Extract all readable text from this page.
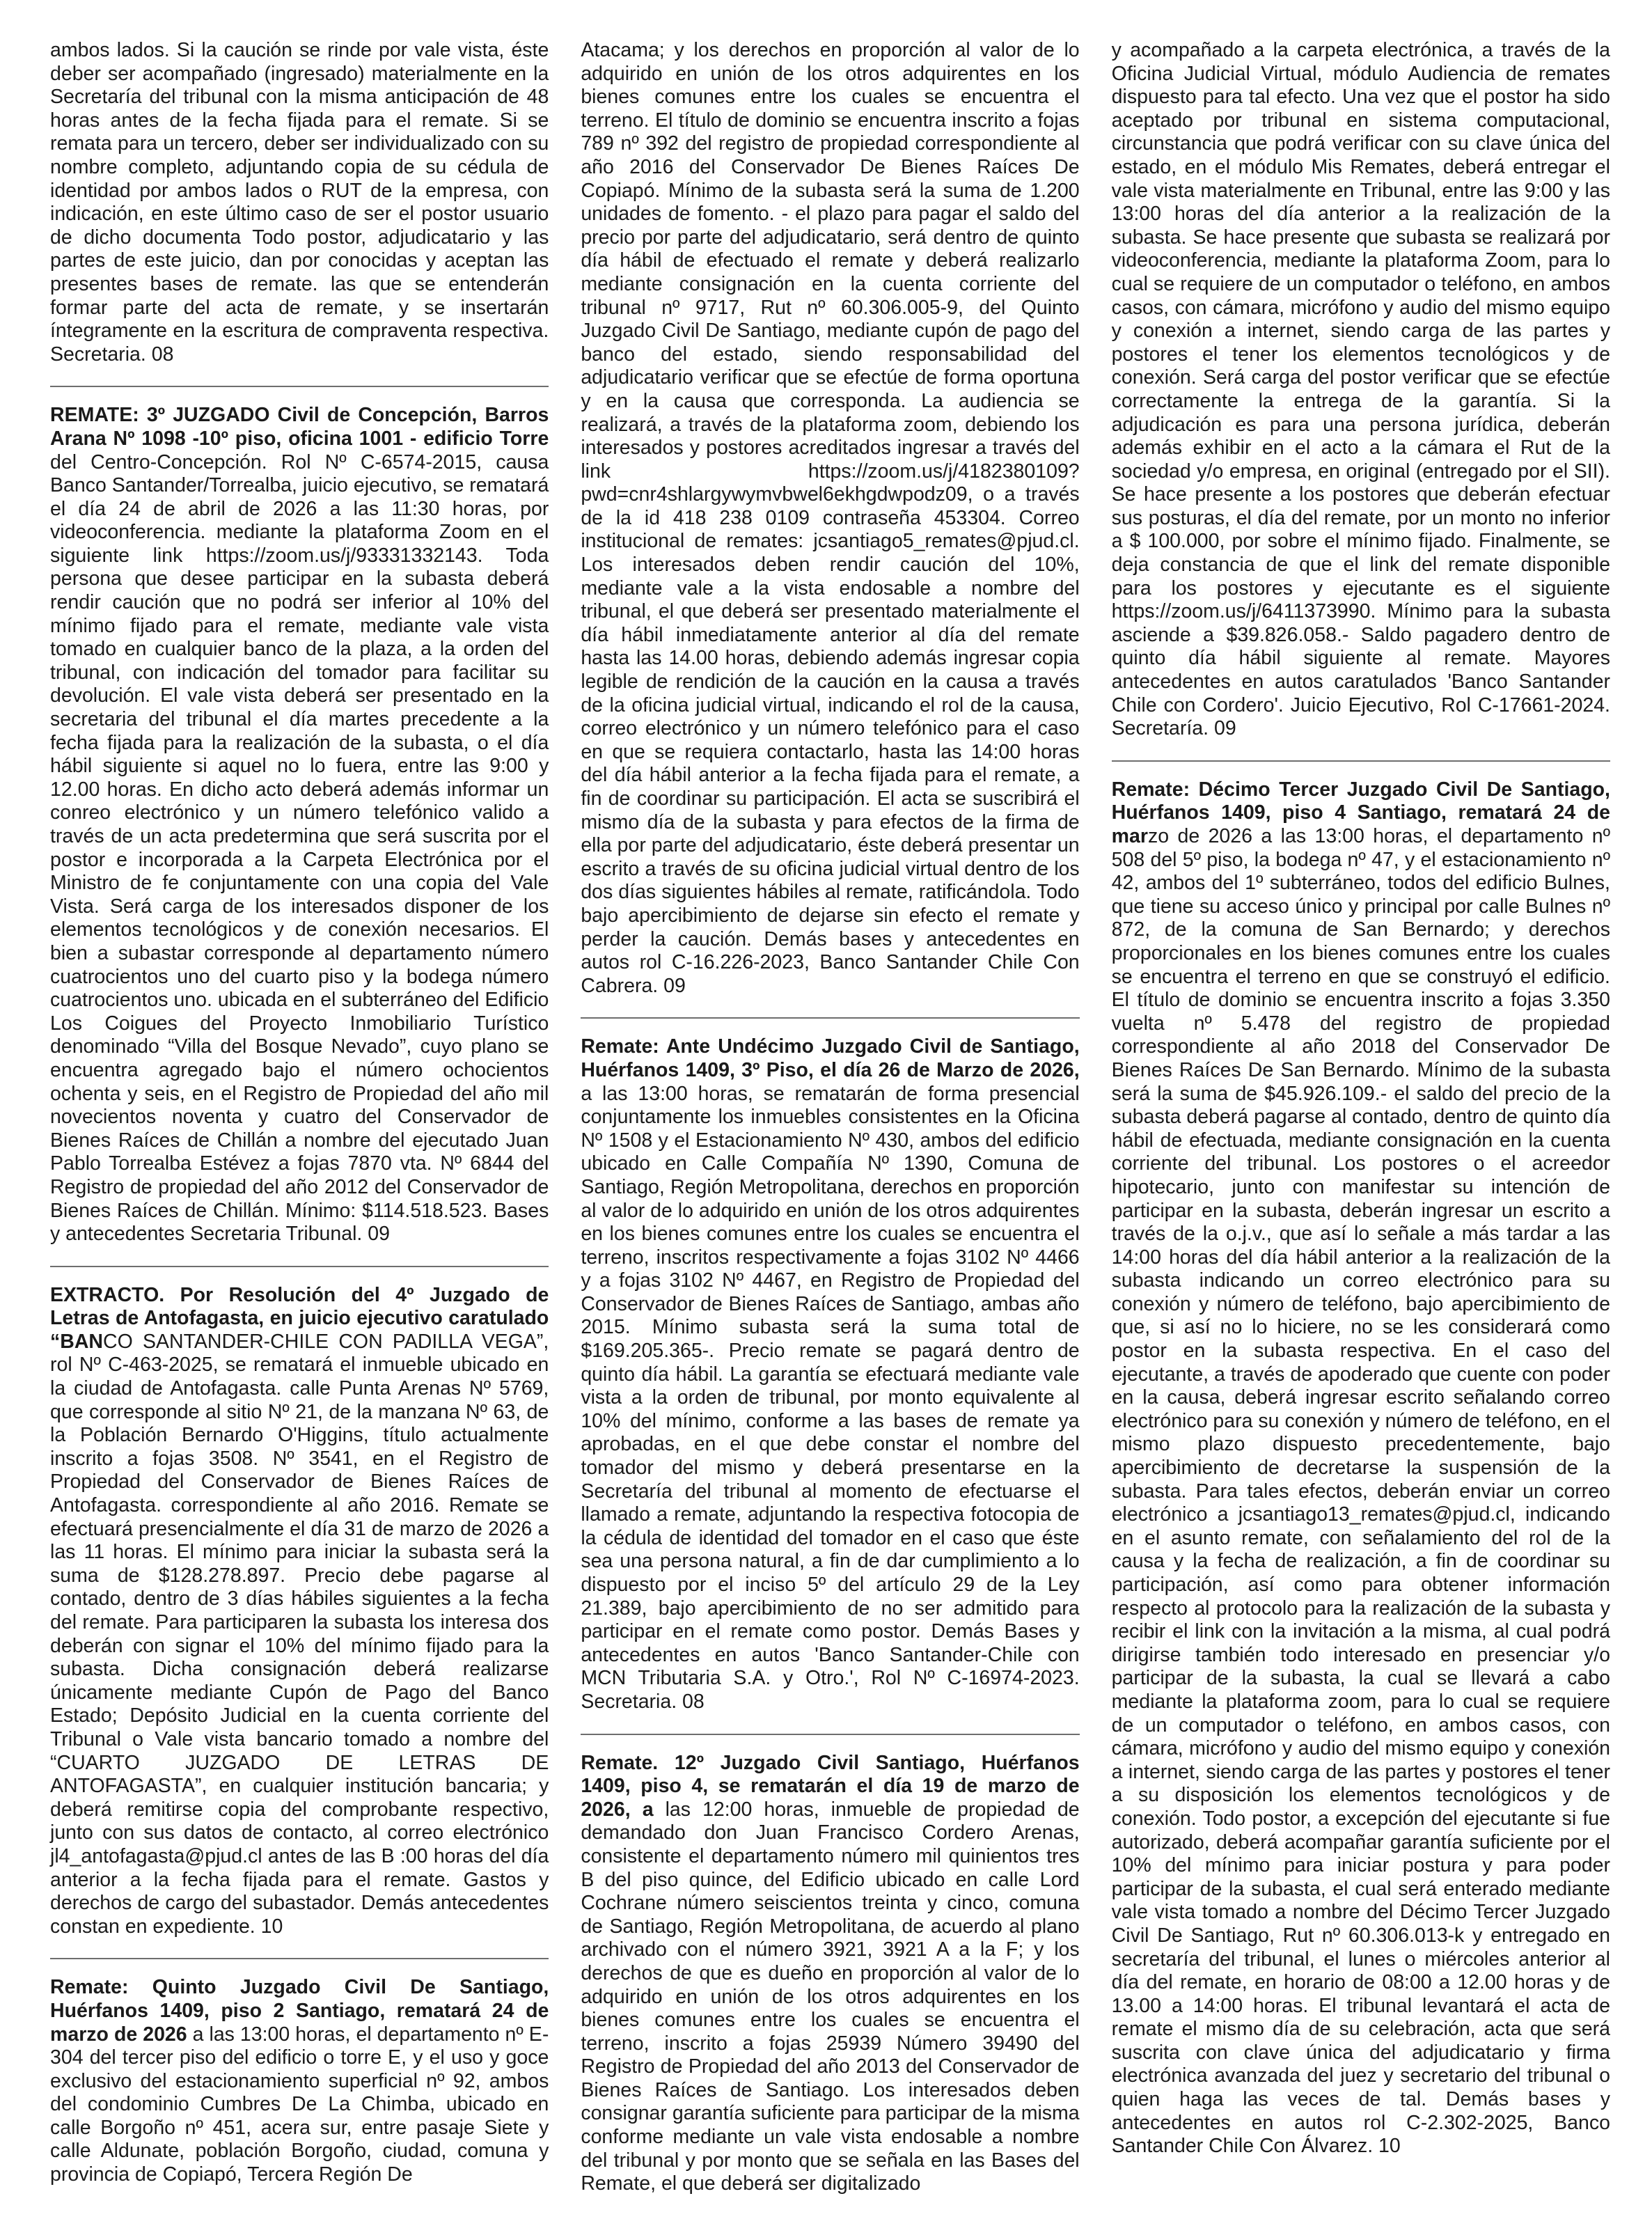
ambos lados. Si la caución se rinde por vale vista, éste deber ser acompañado (ingresado) materialmente en la Secretaría del tribunal con la misma anticipación de 48 horas antes de la fecha fijada para el remate. Si se remata para un tercero, deber ser individualizado con su nombre completo, adjuntando copia de su cédula de identidad por ambos lados o RUT de la empresa, con indicación, en este último caso de ser el postor usuario de dicho documenta Todo postor, adjudicatario y las partes de este juicio, dan por conocidas y aceptan las presentes bases de remate. las que se entenderán formar parte del acta de remate, y se insertarán íntegramente en la escritura de compraventa respectiva. Secretaria. 08

REMATE: 3º JUZGADO Civil de Concepción, Barros Arana Nº 1098 -10º piso, oficina 1001 - edificio Torre del Centro-Concepción. Rol Nº C-6574-2015, causa Banco Santander/Torrealba, juicio ejecutivo, se rematará el día 24 de abril de 2026 a las 11:30 horas, por videoconferencia. mediante la plataforma Zoom en el siguiente link https://zoom.us/j/93331332143. Toda persona que desee participar en la subasta deberá rendir caución que no podrá ser inferior al 10% del mínimo fijado para el remate, mediante vale vista tomado en cualquier banco de la plaza, a la orden del tribunal, con indicación del tomador para facilitar su devolución. El vale vista deberá ser presentado en la secretaria del tribunal el día martes precedente a la fecha fijada para la realización de la subasta, o el día hábil siguiente si aquel no lo fuera, entre las 9:00 y 12.00 horas. En dicho acto deberá además informar un conreo electrónico y un número telefónico valido a través de un acta predetermina que será suscrita por el postor e incorporada a la Carpeta Electrónica por el Ministro de fe conjuntamente con una copia del Vale Vista. Será carga de los interesados disponer de los elementos tecnológicos y de conexión necesarios. El bien a subastar corresponde al departamento número cuatrocientos uno del cuarto piso y la bodega número cuatrocientos uno. ubicada en el subterráneo del Edificio Los Coigues del Proyecto Inmobiliario Turístico denominado “Villa del Bosque Nevado”, cuyo plano se encuentra agregado bajo el número ochocientos ochenta y seis, en el Registro de Propiedad del año mil novecientos noventa y cuatro del Conservador de Bienes Raíces de Chillán a nombre del ejecutado Juan Pablo Torrealba Estévez a fojas 7870 vta. Nº 6844 del Registro de propiedad del año 2012 del Conservador de Bienes Raíces de Chillán. Mínimo: $114.518.523. Bases y antecedentes Secretaria Tribunal. 09

EXTRACTO. Por Resolución del 4º Juzgado de Letras de Antofagasta, en juicio ejecutivo caratulado “BANCO SANTANDER-CHILE CON PADILLA VEGA”, rol Nº C-463-2025, se rematará el inmueble ubicado en la ciudad de Antofagasta. calle Punta Arenas Nº 5769, que corresponde al sitio Nº 21, de la manzana Nº 63, de la Población Bernardo O'Higgins, título actualmente inscrito a fojas 3508. Nº 3541, en el Registro de Propiedad del Conservador de Bienes Raíces de Antofagasta. correspondiente al año 2016. Remate se efectuará presencialmente el día 31 de marzo de 2026 a las 11 horas. El mínimo para iniciar la subasta será la suma de $128.278.897. Precio debe pagarse al contado, dentro de 3 días hábiles siguientes a la fecha del remate. Para participaren la subasta los interesa dos deberán con signar el 10% del mínimo fijado para la subasta. Dicha consignación deberá realizarse únicamente mediante Cupón de Pago del Banco Estado; Depósito Judicial en la cuenta corriente del Tribunal o Vale vista bancario tomado a nombre del “CUARTO JUZGADO DE LETRAS DE ANTOFAGASTA”, en cualquier institución bancaria; y deberá remitirse copia del comprobante respectivo, junto con sus datos de contacto, al correo electrónico jl4_antofagasta@pjud.cl antes de las B :00 horas del día anterior a la fecha fijada para el remate. Gastos y derechos de cargo del subastador. Demás antecedentes constan en expediente. 10

Remate: Quinto Juzgado Civil De Santiago, Huérfanos 1409, piso 2 Santiago, rematará 24 de marzo de 2026 a las 13:00 horas, el departamento nº E-304 del tercer piso del edificio o torre E, y el uso y goce exclusivo del estacionamiento superficial nº 92, ambos del condominio Cumbres De La Chimba, ubicado en calle Borgoño nº 451, acera sur, entre pasaje Siete y calle Aldunate, población Borgoño, ciudad, comuna y provincia de Copiapó, Tercera Región De

Atacama; y los derechos en proporción al valor de lo adquirido en unión de los otros adquirentes en los bienes comunes entre los cuales se encuentra el terreno. El título de dominio se encuentra inscrito a fojas 789 nº 392 del registro de propiedad correspondiente al año 2016 del Conservador De Bienes Raíces De Copiapó. Mínimo de la subasta será la suma de 1.200 unidades de fomento. - el plazo para pagar el saldo del precio por parte del adjudicatario, será dentro de quinto día hábil de efectuado el remate y deberá realizarlo mediante consignación en la cuenta corriente del tribunal nº 9717, Rut nº 60.306.005-9, del Quinto Juzgado Civil De Santiago, mediante cupón de pago del banco del estado, siendo responsabilidad del adjudicatario verificar que se efectúe de forma oportuna y en la causa que corresponda. La audiencia se realizará, a través de la plataforma zoom, debiendo los interesados y postores acreditados ingresar a través del link https://zoom.us/j/4182380109?pwd=cnr4shlargywymvbwel6ekhgdwpodz09, o a través de la id 418 238 0109 contraseña 453304. Correo institucional de remates: jcsantiago5_remates@pjud.cl. Los interesados deben rendir caución del 10%, mediante vale a la vista endosable a nombre del tribunal, el que deberá ser presentado materialmente el día hábil inmediatamente anterior al día del remate hasta las 14.00 horas, debiendo además ingresar copia legible de rendición de la caución en la causa a través de la oficina judicial virtual, indicando el rol de la causa, correo electrónico y un número telefónico para el caso en que se requiera contactarlo, hasta las 14:00 horas del día hábil anterior a la fecha fijada para el remate, a fin de coordinar su participación. El acta se suscribirá el mismo día de la subasta y para efectos de la firma de ella por parte del adjudicatario, éste deberá presentar un escrito a través de su oficina judicial virtual dentro de los dos días siguientes hábiles al remate, ratificándola. Todo bajo apercibimiento de dejarse sin efecto el remate y perder la caución. Demás bases y antecedentes en autos rol C-16.226-2023, Banco Santander Chile Con Cabrera. 09

Remate: Ante Undécimo Juzgado Civil de Santiago, Huérfanos 1409, 3º Piso, el día 26 de Marzo de 2026, a las 13:00 horas, se rematarán de forma presencial conjuntamente los inmuebles consistentes en la Oficina Nº 1508 y el Estacionamiento Nº 430, ambos del edificio ubicado en Calle Compañía Nº 1390, Comuna de Santiago, Región Metropolitana, derechos en proporción al valor de lo adquirido en unión de los otros adquirentes en los bienes comunes entre los cuales se encuentra el terreno, inscritos respectivamente a fojas 3102 Nº 4466 y a fojas 3102 Nº 4467, en Registro de Propiedad del Conservador de Bienes Raíces de Santiago, ambas año 2015. Mínimo subasta será la suma total de $169.205.365-. Precio remate se pagará dentro de quinto día hábil. La garantía se efectuará mediante vale vista a la orden de tribunal, por monto equivalente al 10% del mínimo, conforme a las bases de remate ya aprobadas, en el que debe constar el nombre del tomador del mismo y deberá presentarse en la Secretaría del tribunal al momento de efectuarse el llamado a remate, adjuntando la respectiva fotocopia de la cédula de identidad del tomador en el caso que éste sea una persona natural, a fin de dar cumplimiento a lo dispuesto por el inciso 5º del artículo 29 de la Ley 21.389, bajo apercibimiento de no ser admitido para participar en el remate como postor. Demás Bases y antecedentes en autos 'Banco Santander-Chile con MCN Tributaria S.A. y Otro.', Rol Nº C-16974-2023. Secretaria. 08

Remate. 12º Juzgado Civil Santiago, Huérfanos 1409, piso 4, se rematarán el día 19 de marzo de 2026, a las 12:00 horas, inmueble de propiedad de demandado don Juan Francisco Cordero Arenas, consistente el departamento número mil quinientos tres B del piso quince, del Edificio ubicado en calle Lord Cochrane número seiscientos treinta y cinco, comuna de Santiago, Región Metropolitana, de acuerdo al plano archivado con el número 3921, 3921 A a la F; y los derechos de que es dueño en proporción al valor de lo adquirido en unión de los otros adquirentes en los bienes comunes entre los cuales se encuentra el terreno, inscrito a fojas 25939 Número 39490 del Registro de Propiedad del año 2013 del Conservador de Bienes Raíces de Santiago. Los interesados deben consignar garantía suficiente para participar de la misma conforme mediante un vale vista endosable a nombre del tribunal y por monto que se señala en las Bases del Remate, el que deberá ser digitalizado

y acompañado a la carpeta electrónica, a través de la Oficina Judicial Virtual, módulo Audiencia de remates dispuesto para tal efecto. Una vez que el postor ha sido aceptado por tribunal en sistema computacional, circunstancia que podrá verificar con su clave única del estado, en el módulo Mis Remates, deberá entregar el vale vista materialmente en Tribunal, entre las 9:00 y las 13:00 horas del día anterior a la realización de la subasta. Se hace presente que subasta se realizará por videoconferencia, mediante la plataforma Zoom, para lo cual se requiere de un computador o teléfono, en ambos casos, con cámara, micrófono y audio del mismo equipo y conexión a internet, siendo carga de las partes y postores el tener los elementos tecnológicos y de conexión. Será carga del postor verificar que se efectúe correctamente la entrega de la garantía. Si la adjudicación es para una persona jurídica, deberán además exhibir en el acto a la cámara el Rut de la sociedad y/o empresa, en original (entregado por el SII). Se hace presente a los postores que deberán efectuar sus posturas, el día del remate, por un monto no inferior a $ 100.000, por sobre el mínimo fijado. Finalmente, se deja constancia de que el link del remate disponible para los postores y ejecutante es el siguiente https://zoom.us/j/6411373990. Mínimo para la subasta asciende a $39.826.058.- Saldo pagadero dentro de quinto día hábil siguiente al remate. Mayores antecedentes en autos caratulados 'Banco Santander Chile con Cordero'. Juicio Ejecutivo, Rol C-17661-2024. Secretaría. 09

Remate: Décimo Tercer Juzgado Civil De Santiago, Huérfanos 1409, piso 4 Santiago, rematará 24 de marzo de 2026 a las 13:00 horas, el departamento nº 508 del 5º piso, la bodega nº 47, y el estacionamiento nº 42, ambos del 1º subterráneo, todos del edificio Bulnes, que tiene su acceso único y principal por calle Bulnes nº 872, de la comuna de San Bernardo; y derechos proporcionales en los bienes comunes entre los cuales se encuentra el terreno en que se construyó el edificio. El título de dominio se encuentra inscrito a fojas 3.350 vuelta nº 5.478 del registro de propiedad correspondiente al año 2018 del Conservador De Bienes Raíces De San Bernardo. Mínimo de la subasta será la suma de $45.926.109.- el saldo del precio de la subasta deberá pagarse al contado, dentro de quinto día hábil de efectuada, mediante consignación en la cuenta corriente del tribunal. Los postores o el acreedor hipotecario, junto con manifestar su intención de participar en la subasta, deberán ingresar un escrito a través de la o.j.v., que así lo señale a más tardar a las 14:00 horas del día hábil anterior a la realización de la subasta indicando un correo electrónico para su conexión y número de teléfono, bajo apercibimiento de que, si así no lo hiciere, no se les considerará como postor en la subasta respectiva. En el caso del ejecutante, a través de apoderado que cuente con poder en la causa, deberá ingresar escrito señalando correo electrónico para su conexión y número de teléfono, en el mismo plazo dispuesto precedentemente, bajo apercibimiento de decretarse la suspensión de la subasta. Para tales efectos, deberán enviar un correo electrónico a jcsantiago13_remates@pjud.cl, indicando en el asunto remate, con señalamiento del rol de la causa y la fecha de realización, a fin de coordinar su participación, así como para obtener información respecto al protocolo para la realización de la subasta y recibir el link con la invitación a la misma, al cual podrá dirigirse también todo interesado en presenciar y/o participar de la subasta, la cual se llevará a cabo mediante la plataforma zoom, para lo cual se requiere de un computador o teléfono, en ambos casos, con cámara, micrófono y audio del mismo equipo y conexión a internet, siendo carga de las partes y postores el tener a su disposición los elementos tecnológicos y de conexión. Todo postor, a excepción del ejecutante si fue autorizado, deberá acompañar garantía suficiente por el 10% del mínimo para iniciar postura y para poder participar de la subasta, el cual será enterado mediante vale vista tomado a nombre del Décimo Tercer Juzgado Civil De Santiago, Rut nº 60.306.013-k y entregado en secretaría del tribunal, el lunes o miércoles anterior al día del remate, en horario de 08:00 a 12.00 horas y de 13.00 a 14:00 horas. El tribunal levantará el acta de remate el mismo día de su celebración, acta que será suscrita con clave única del adjudicatario y firma electrónica avanzada del juez y secretario del tribunal o quien haga las veces de tal. Demás bases y antecedentes en autos rol C-2.302-2025, Banco Santander Chile Con Álvarez. 10
